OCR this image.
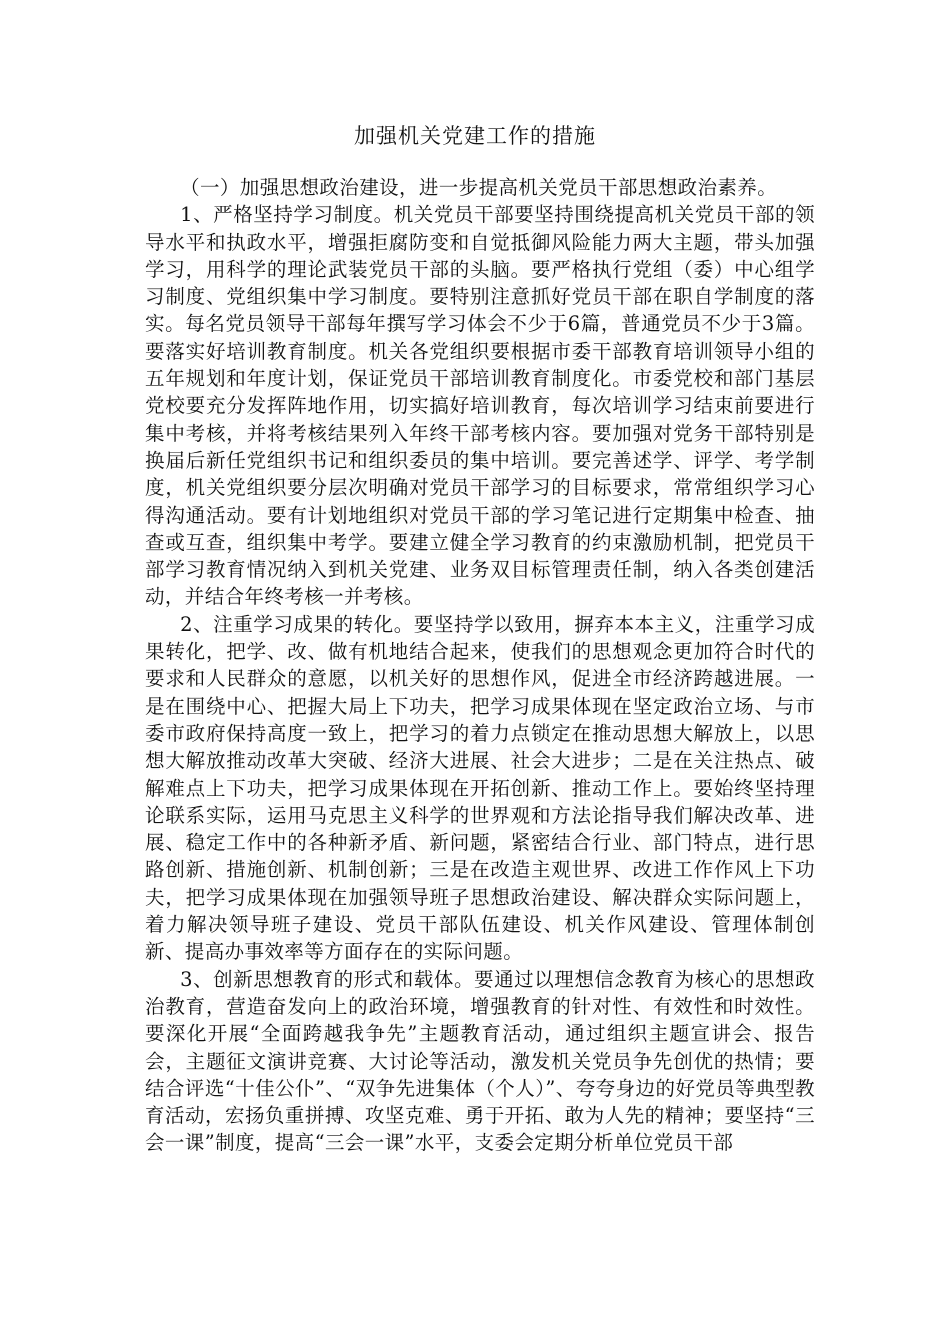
加强机关党建工作的措施

（一）加强思想政治建设，进一步提高机关党员干部思想政治素养。

1、严格坚持学习制度。机关党员干部要坚持围绕提高机关党员干部的领导水平和执政水平，增强拒腐防变和自觉抵御风险能力两大主题，带头加强学习，用科学的理论武装党员干部的头脑。要严格执行党组（委）中心组学习制度、党组织集中学习制度。要特别注意抓好党员干部在职自学制度的落实。每名党员领导干部每年撰写学习体会不少于6篇，普通党员不少于3篇。要落实好培训教育制度。机关各党组织要根据市委干部教育培训领导小组的五年规划和年度计划，保证党员干部培训教育制度化。市委党校和部门基层党校要充分发挥阵地作用，切实搞好培训教育，每次培训学习结束前要进行集中考核，并将考核结果列入年终干部考核内容。要加强对党务干部特别是换届后新任党组织书记和组织委员的集中培训。要完善述学、评学、考学制度，机关党组织要分层次明确对党员干部学习的目标要求，常常组织学习心得沟通活动。要有计划地组织对党员干部的学习笔记进行定期集中检查、抽查或互查，组织集中考学。要建立健全学习教育的约束激励机制，把党员干部学习教育情况纳入到机关党建、业务双目标管理责任制，纳入各类创建活动，并结合年终考核一并考核。

2、注重学习成果的转化。要坚持学以致用，摒弃本本主义，注重学习成果转化，把学、改、做有机地结合起来，使我们的思想观念更加符合时代的要求和人民群众的意愿，以机关好的思想作风，促进全市经济跨越进展。一是在围绕中心、把握大局上下功夫，把学习成果体现在坚定政治立场、与市委市政府保持高度一致上，把学习的着力点锁定在推动思想大解放上，以思想大解放推动改革大突破、经济大进展、社会大进步；二是在关注热点、破解难点上下功夫，把学习成果体现在开拓创新、推动工作上。要始终坚持理论联系实际，运用马克思主义科学的世界观和方法论指导我们解决改革、进展、稳定工作中的各种新矛盾、新问题，紧密结合行业、部门特点，进行思路创新、措施创新、机制创新；三是在改造主观世界、改进工作作风上下功夫，把学习成果体现在加强领导班子思想政治建设、解决群众实际问题上，着力解决领导班子建设、党员干部队伍建设、机关作风建设、管理体制创新、提高办事效率等方面存在的实际问题。

3、创新思想教育的形式和载体。要通过以理想信念教育为核心的思想政治教育，营造奋发向上的政治环境，增强教育的针对性、有效性和时效性。要深化开展“全面跨越我争先”主题教育活动，通过组织主题宣讲会、报告会，主题征文演讲竞赛、大讨论等活动，激发机关党员争先创优的热情；要结合评选“十佳公仆”、“双争先进集体（个人）”、夸夸身边的好党员等典型教育活动，宏扬负重拼搏、攻坚克难、勇于开拓、敢为人先的精神；要坚持“三会一课”制度，提高“三会一课”水平，支委会定期分析单位党员干部
